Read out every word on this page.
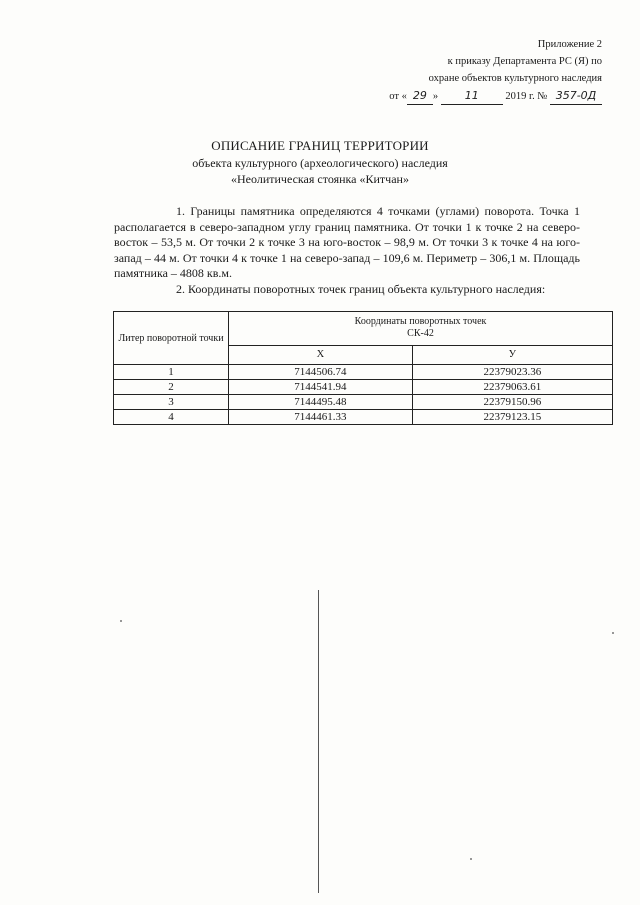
Приложение 2
к приказу Департамента РС (Я) по
охране объектов культурного наследия
от « 29 » 11	2019 г. № 357-0Д
ОПИСАНИЕ ГРАНИЦ ТЕРРИТОРИИ
объекта культурного (археологического) наследия
«Неолитическая стоянка «Китчан»

1. Границы памятника определяются 4 точками (углами) поворота. Точка 1 располагается в северо-западном углу границ памятника. От точки 1 к точке 2 на северо- восток – 53,5 м. От точки 2 к точке 3 на юго-восток – 98,9 м. От точки 3 к точке 4 на юго- запад – 44 м. От точки 4 к точке 1 на северо-запад – 109,6 м. Периметр – 306,1 м. Площадь памятника – 4808 кв.м.

2. Координаты поворотных точек границ объекта культурного наследия:

Литер поворотной точки	Координаты поворотных точек
СК-42	

	X	У
1	7144506.74	22379023.36
2	7144541.94	22379063.61
3	7144495.48	22379150.96
4	7144461.33	22379123.15
